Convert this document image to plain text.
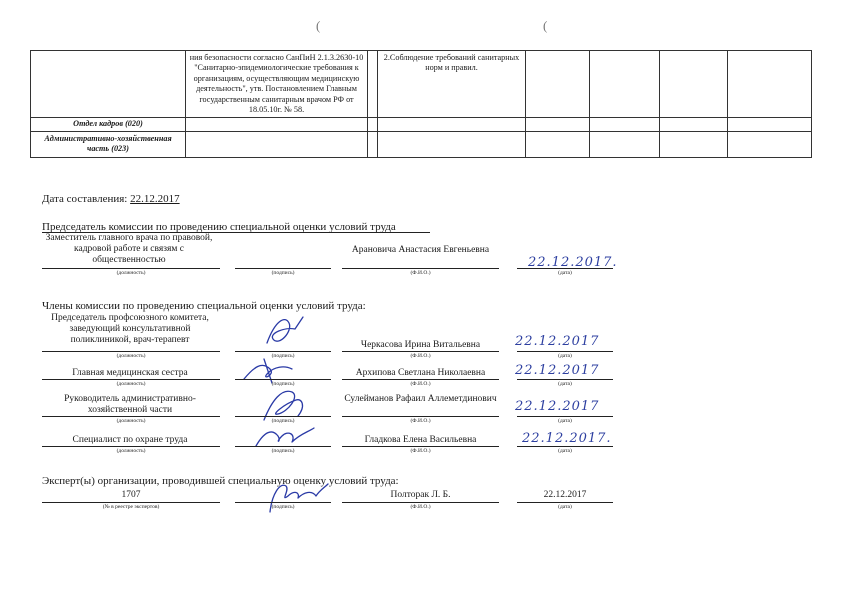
(	(
	ния безопасности согласно СанПиН 2.1.3.2630-10 "Санитарно-эпидемиологические требования к организациям, осуществляющим медицинскую деятельность", утв. Постановлением Главным государственным санитарным врачом РФ от 18.05.10г. № 58.		2.Соблюдение требований санитарных норм и правил.				
Отдел кадров (020)							
Административно-хозяйственная часть (023)							
Дата составления: 22.12.2017
Председатель комиссии по проведению специальной оценки условий труда
Заместитель главного врача по правовой, кадровой работе и связям с общественностью
Арановича Анастасия Евгеньевна
22.12.2017.
(должность)	(подпись)	(Ф.И.О.)	(дата)
Члены комиссии по проведению специальной оценки условий труда:
Председатель профсоюзного комитета, заведующий консультативной поликлиникой, врач-терапевт	Черкасова Ирина Витальевна	22.12.2017
(должность)	(подпись)	(Ф.И.О.)	(дата)
Главная медицинская сестра	Архипова Светлана Николаевна	22.12.2017
(должность)	(подпись)	(Ф.И.О.)	(дата)
Руководитель административно-хозяйственной части
Сулейманов Рафаил Аллеметдинович 22.12.2017
(должность)	(подпись)	(Ф.И.О.)	(дата)
Специалист по охране труда	Гладкова Елена Васильевна	22.12.2017.
(должность)	(подпись)	(Ф.И.О.)	(дата)
Эксперт(ы) организации, проводившей специальную оценку условий труда:
1707	Полторак Л. Б.	22.12.2017
(№ в реестре экспертов)	(подпись)	(Ф.И.О.)	(дата)
